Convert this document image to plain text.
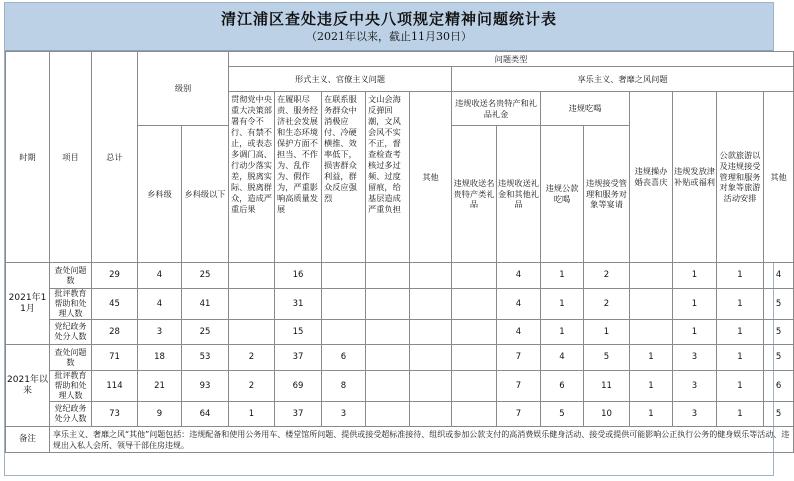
清江浦区查处违反中央八项规定精神问题统计表
（2021年以来，截止11月30日）
时期	项目	总计	级别		问题类型												
					形式主义、官僚主义问题					享乐主义、奢靡之风问题							
					贯彻党中央重大决策部署有令不行、有禁不止，或表态多调门高、行动少落实差，脱离实际、脱离群众，造成严重后果	在履职尽责、服务经济社会发展和生态环境保护方面不担当、不作为、乱作为、假作为，严重影响高质量发展	在联系服务群众中消极应付、冷硬横推、效率低下，损害群众利益，群众反应强烈	文山会海反弹回潮，文风会风不实不正，督查检查考核过多过频、过度留痕，给基层造成严重负担	其他	违规收送名贵特产和礼品礼金		违规吃喝		违规操办婚丧喜庆	违规发放津补贴或福利	公款旅游以及违规接受管理和服务对象等旅游活动安排	其他
			乡科级	乡科级以下						违规收送名贵特产类礼品	违规收送礼金和其他礼品	违规公款吃喝	违规接受管理和服务对象等宴请				
2021年11月	查处问题数	29	4	25		16					4	1	2		1	1	4
	批评教育帮助和处理人数	45	4	41		31					4	1	2		1	1	5
	党纪政务处分人数	28	3	25		15					4	1	1		1	1	5
2021年以来	查处问题数	71	18	53	2	37	6				7	4	5	1	3	1	5
	批评教育帮助和处理人数	114	21	93	2	69	8				7	6	11	1	3	1	6
	党纪政务处分人数	73	9	64	1	37	3				7	5	10	1	3	1	5
备注	享乐主义、奢靡之风“其他”问题包括：违规配备和使用公务用车、楼堂馆所问题、提供或接受超标准接待、组织或参加公款支付的高消费娱乐健身活动、接受或提供可能影响公正执行公务的健身娱乐等活动、违规出入私人会所、领导干部住房违规。																
